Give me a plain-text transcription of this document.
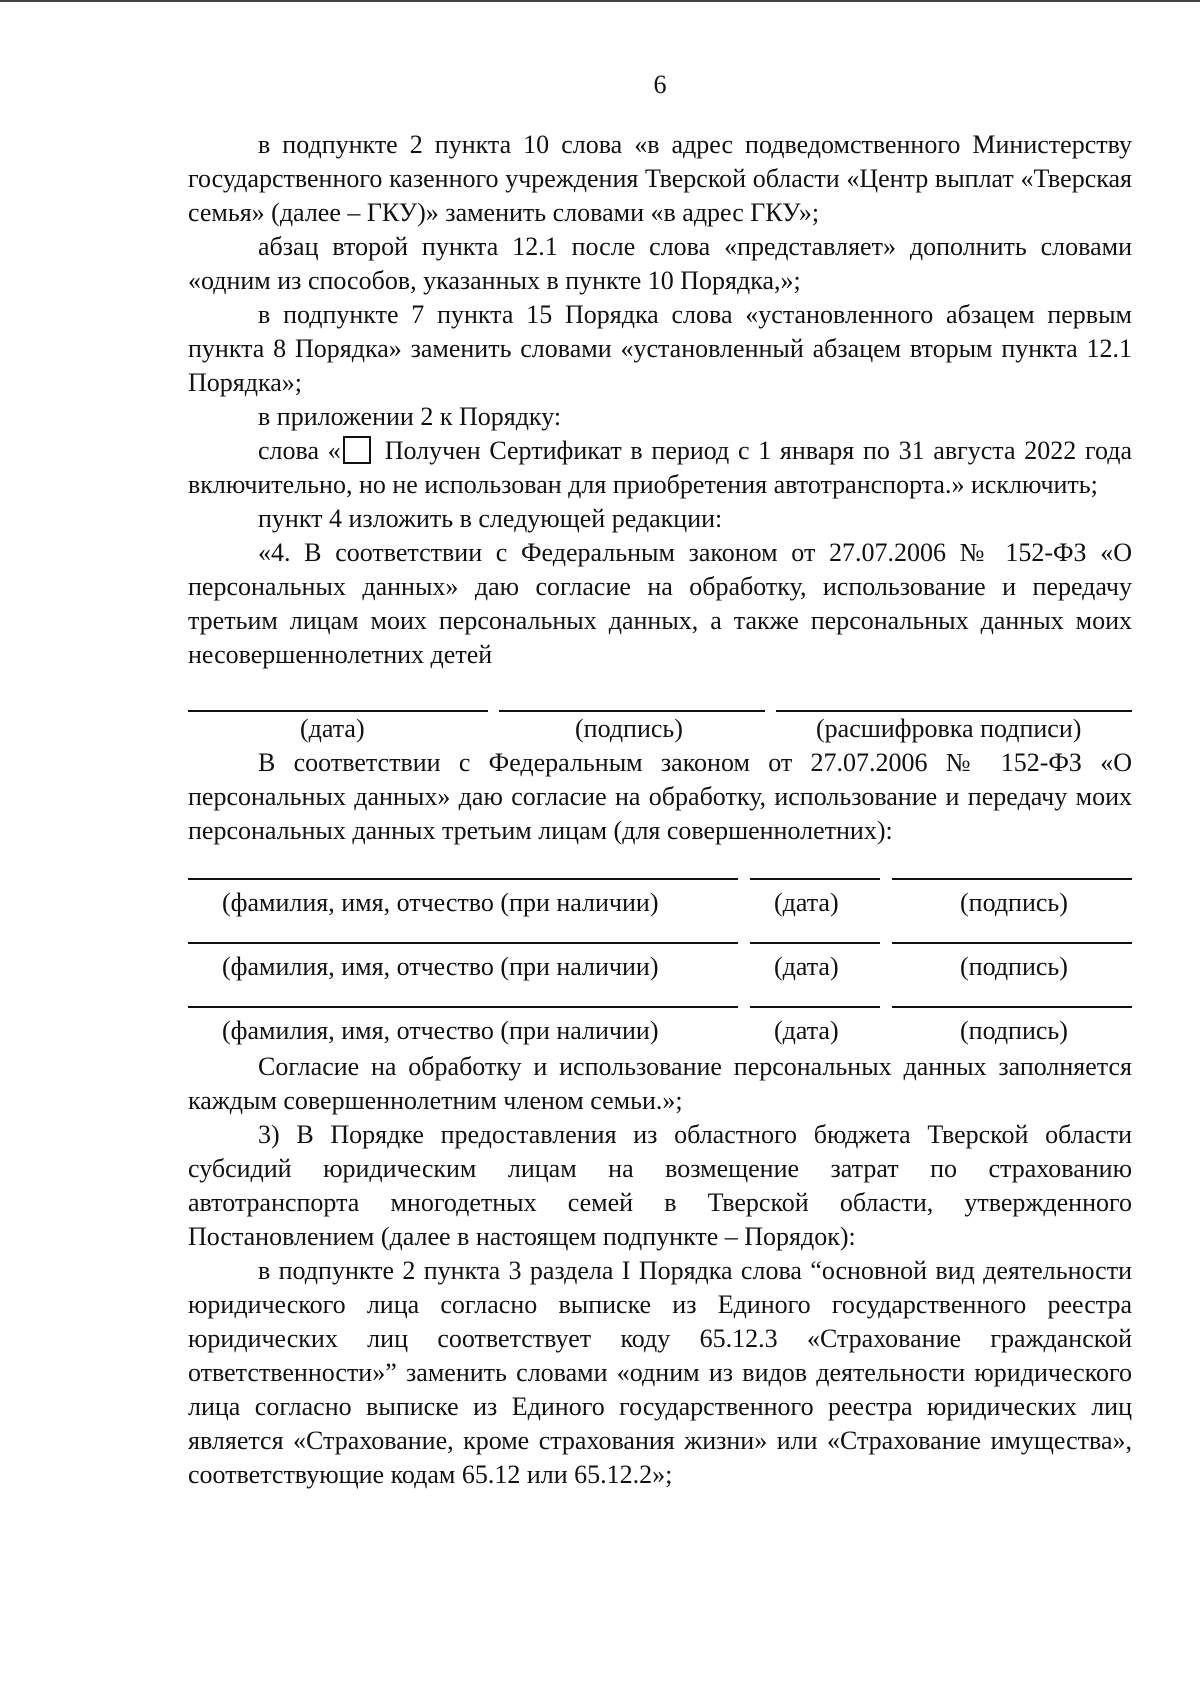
6

в подпункте 2 пункта 10 слова «в адрес подведомственного Министерству государственного казенного учреждения Тверской области «Центр выплат «Тверская семья» (далее – ГКУ)» заменить словами «в адрес ГКУ»;

абзац второй пункта 12.1 после слова «представляет» дополнить словами «одним из способов, указанных в пункте 10 Порядка,»;

в подпункте 7 пункта 15 Порядка слова «установленного абзацем первым пункта 8 Порядка» заменить словами «установленный абзацем вторым пункта 12.1 Порядка»;

в приложении 2 к Порядку:

слова « Получен Сертификат в период с 1 января по 31 августа 2022 года включительно, но не использован для приобретения автотранспорта.» исключить;

пункт 4 изложить в следующей редакции:

«4. В соответствии с Федеральным законом от 27.07.2006 № 152-ФЗ «О персональных данных» даю согласие на обработку, использование и передачу третьим лицам моих персональных данных, а также персональных данных моих несовершеннолетних детей

(дата)	(подпись)	(расшифровка подписи)

В соответствии с Федеральным законом от 27.07.2006 № 152-ФЗ «О персональных данных» даю согласие на обработку, использование и передачу моих персональных данных третьим лицам (для совершеннолетних):

(фамилия, имя, отчество (при наличии)	(дата)	(подпись)
(фамилия, имя, отчество (при наличии)	(дата)	(подпись)
(фамилия, имя, отчество (при наличии)	(дата)	(подпись)

Согласие на обработку и использование персональных данных заполняется каждым совершеннолетним членом семьи.»;

3) В Порядке предоставления из областного бюджета Тверской области субсидий юридическим лицам на возмещение затрат по страхованию автотранспорта многодетных семей в Тверской области, утвержденного Постановлением (далее в настоящем подпункте – Порядок):

в подпункте 2 пункта 3 раздела I Порядка слова “основной вид деятельности юридического лица согласно выписке из Единого государственного реестра юридических лиц соответствует коду 65.12.3 «Страхование гражданской ответственности»” заменить словами «одним из видов деятельности юридического лица согласно выписке из Единого государственного реестра юридических лиц является «Страхование, кроме страхования жизни» или «Страхование имущества», соответствующие кодам 65.12 или 65.12.2»;
